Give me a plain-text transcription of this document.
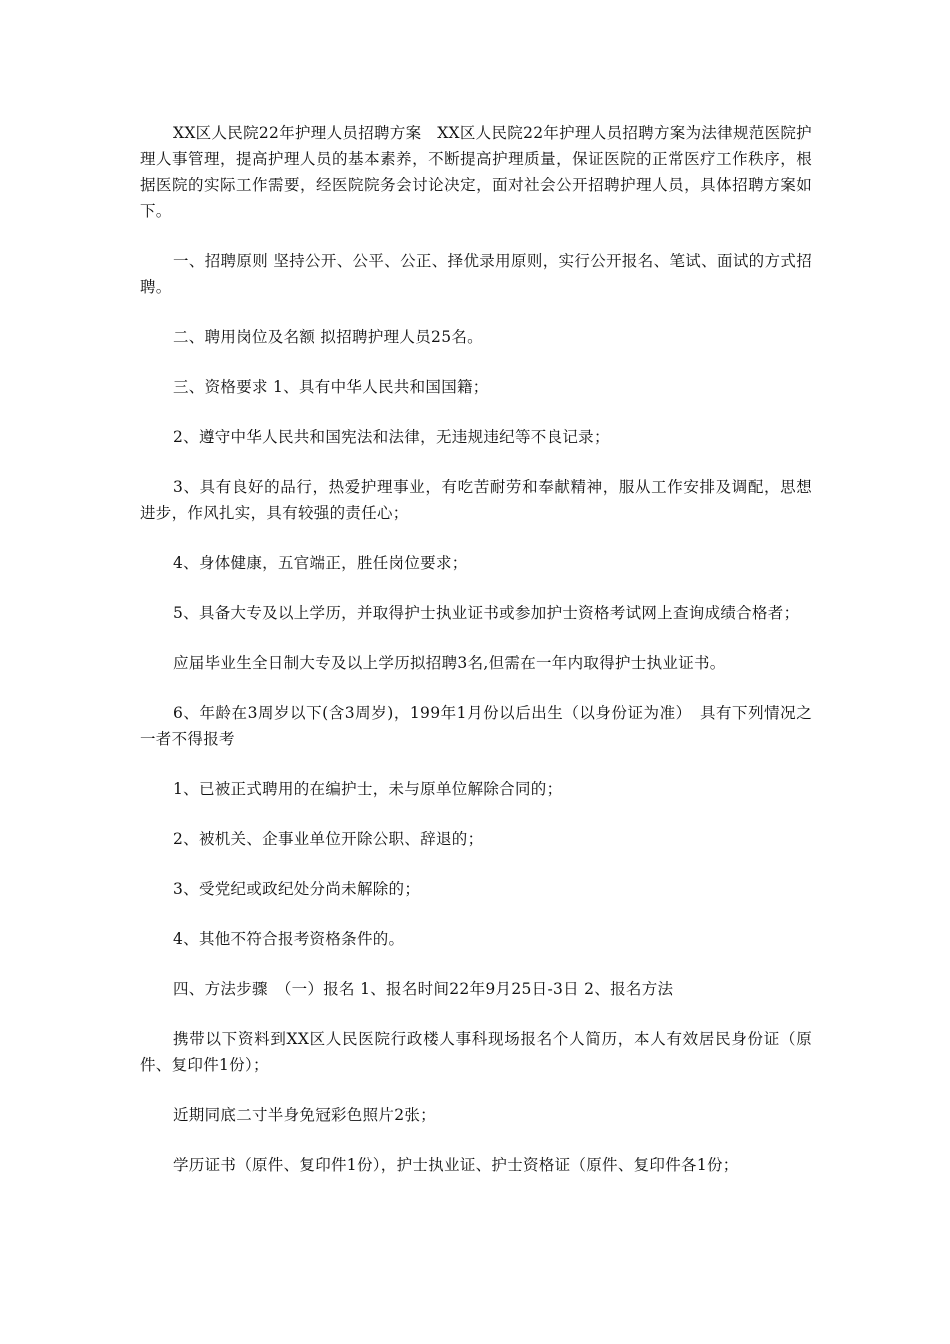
XX区人民院22年护理人员招聘方案　XX区人民院22年护理人员招聘方案为法律规范医院护理人事管理，提高护理人员的基本素养，不断提高护理质量，保证医院的正常医疗工作秩序，根据医院的实际工作需要，经医院院务会讨论决定，面对社会公开招聘护理人员，具体招聘方案如下。

一、招聘原则 坚持公开、公平、公正、择优录用原则，实行公开报名、笔试、面试的方式招聘。

二、聘用岗位及名额 拟招聘护理人员25名。

三、资格要求 1、具有中华人民共和国国籍；

2、遵守中华人民共和国宪法和法律，无违规违纪等不良记录；

3、具有良好的品行，热爱护理事业，有吃苦耐劳和奉献精神，服从工作安排及调配，思想进步，作风扎实，具有较强的责任心；

4、身体健康，五官端正，胜任岗位要求；

5、具备大专及以上学历，并取得护士执业证书或参加护士资格考试网上查询成绩合格者；

应届毕业生全日制大专及以上学历拟招聘3名,但需在一年内取得护士执业证书。

6、年龄在3周岁以下(含3周岁)，199年1月份以后出生（以身份证为准）　具有下列情况之一者不得报考

1、已被正式聘用的在编护士，未与原单位解除合同的；

2、被机关、企事业单位开除公职、辞退的；

3、受党纪或政纪处分尚未解除的；

4、其他不符合报考资格条件的。

四、方法步骤　（一）报名 1、报名时间22年9月25日-3日 2、报名方法

携带以下资料到XX区人民医院行政楼人事科现场报名个人简历，本人有效居民身份证（原件、复印件1份）；

近期同底二寸半身免冠彩色照片2张；

学历证书（原件、复印件1份），护士执业证、护士资格证（原件、复印件各1份；
